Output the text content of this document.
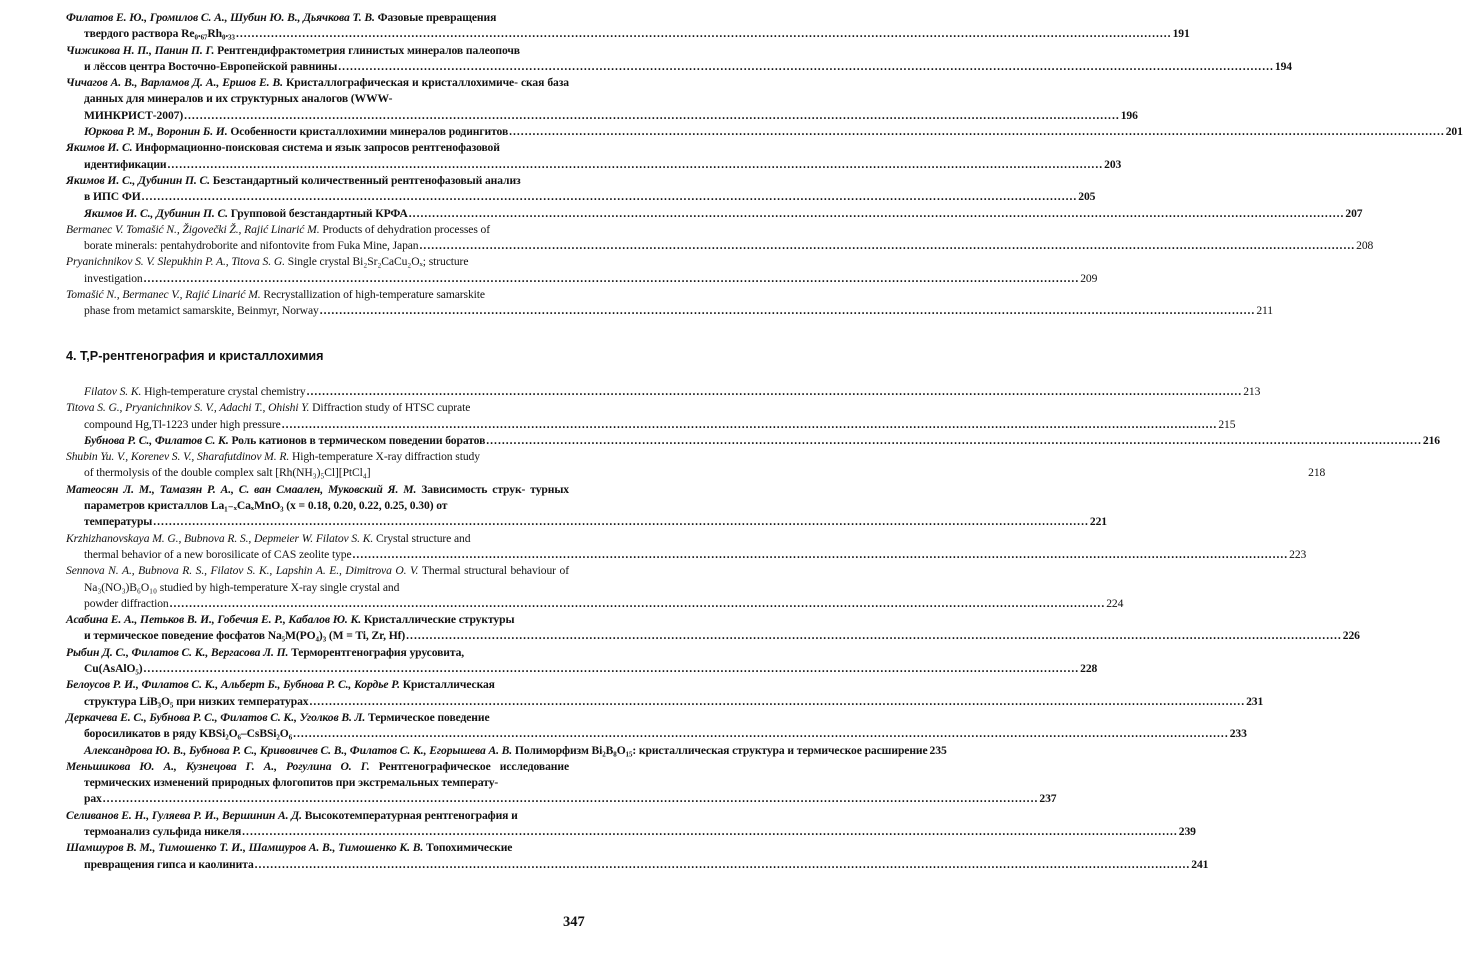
Филатов Е. Ю., Громилов С. А., Шубин Ю. В., Дьячкова Т. В. Фазовые превращения
твердого раствора Re₀.₆₇Rh₀.₃₃ .....	191
Чижикова Н. П., Панин П. Г. Рентгендифрактометрия глинистых минералов палеопочв
и лёссов центра Восточно-Европейской равнины .....	194
Чичагов А. В., Варламов Д. А., Ершов Е. В. Кристаллографическая и кристаллохимиче- ская база данных для минералов и их структурных аналогов (WWW-
МИНКРИСТ-2007) .....	196
Юркова Р. М., Воронин Б. И.
Особенности кристаллохимии минералов родингитов .....	201
Якимов И. С. Информационно-поисковая система и язык запросов рентгенофазовой
идентификации .....	203
Якимов И. С., Дубинин П. С. Безстандартный количественный рентгенофазовый анализ
в ИПС ФИ .....	205
Якимов И. С., Дубинин П. С.
Групповой безстандартный КРФА .....	207
Bermanec V. Tomašić N., Žigovečki Ž., Rajić Linarić M. Products of dehydration processes of
borate minerals: pentahydroborite and nifontovite from Fuka Mine, Japan .....	208
Pryanichnikov S. V. Slepukhin P. A., Titova S. G. Single crystal Bi₂Sr₂CaCu₂Oₓ; structure
investigation .....	209
Tomašić N., Bermanec V., Rajić Linarić M. Recrystallization of high-temperature samarskite
phase from metamict samarskite, Beinmyr, Norway .....	211
4. T,P-рентгенография и кристаллохимия
Filatov S. K.
High-temperature crystal chemistry .....	213
Titova S. G., Pryanichnikov S. V., Adachi T., Ohishi Y. Diffraction study of HTSC cuprate
compound Hg,Tl-1223 under high pressure .....	215
Бубнова Р. С., Филатов С. К.
Роль катионов в термическом поведении боратов .....	216
Shubin Yu. V., Korenev S. V., Sharafutdinov M. R. High-temperature X-ray diffraction study
of thermolysis of the double complex salt [Rh(NH₃)₅Cl][PtCl₄]	218
Матеосян Л. М., Тамазян Р. А., С. ван Смаален, Муковский Я. М. Зависимость струк- турных параметров кристаллов La₁₋ₓCaₓMnO₃ (x = 0.18, 0.20, 0.22, 0.25, 0.30) от
температуры .....	221
Krzhizhanovskaya M. G., Bubnova R. S., Depmeier W. Filatov S. K. Crystal structure and
thermal behavior of a new borosilicate of CAS zeolite type .....	223
Sennova N. A., Bubnova R. S., Filatov S. K., Lapshin A. E., Dimitrova O. V. Thermal structural behaviour of Na₃(NO₃)B₆O₁₀ studied by high-temperature X-ray single crystal and
powder diffraction .....	224
Асабина Е. А., Петьков В. И., Гобечия Е. Р., Кабалов Ю. К. Кристаллические структуры
и термическое поведение фосфатов Na₅M(PO₄)₃ (M = Ti, Zr, Hf) .....	226
Рыбин Д. С., Филатов С. К., Вергасова Л. П. Терморентгенография урусовита,
Cu(AsAlO₅) .....	228
Белоусов Р. И., Филатов С. К., Альберт Б., Бубнова Р. С., Кордье Р. Кристаллическая
структура LiB₃O₅ при низких температурах .....	231
Деркачева Е. С., Бубнова Р. С., Филатов С. К., Уголков В. Л. Термическое поведение
боросиликатов в ряду KBSi₂O₆–CsBSi₂O₆ .....	233
Александрова Ю. В., Бубнова Р. С., Кривовичев С. В., Филатов С. К., Егорышева А. В.
Полиморфизм Bi₂B₈O₁₅: кристаллическая структура и термическое расширение 235
Меньшикова Ю. А., Кузнецова Г. А., Рогулина О. Г. Рентгенографическое исследование термических изменений природных флогопитов при экстремальных температу-
рах .....	237
Селиванов Е. Н., Гуляева Р. И., Вершинин А. Д. Высокотемпературная рентгенография и
термоанализ сульфида никеля .....	239
Шамшуров В. М., Тимошенко Т. И., Шамшуров А. В., Тимошенко К. В. Топохимические
превращения гипса и каолинита .....	241
347
